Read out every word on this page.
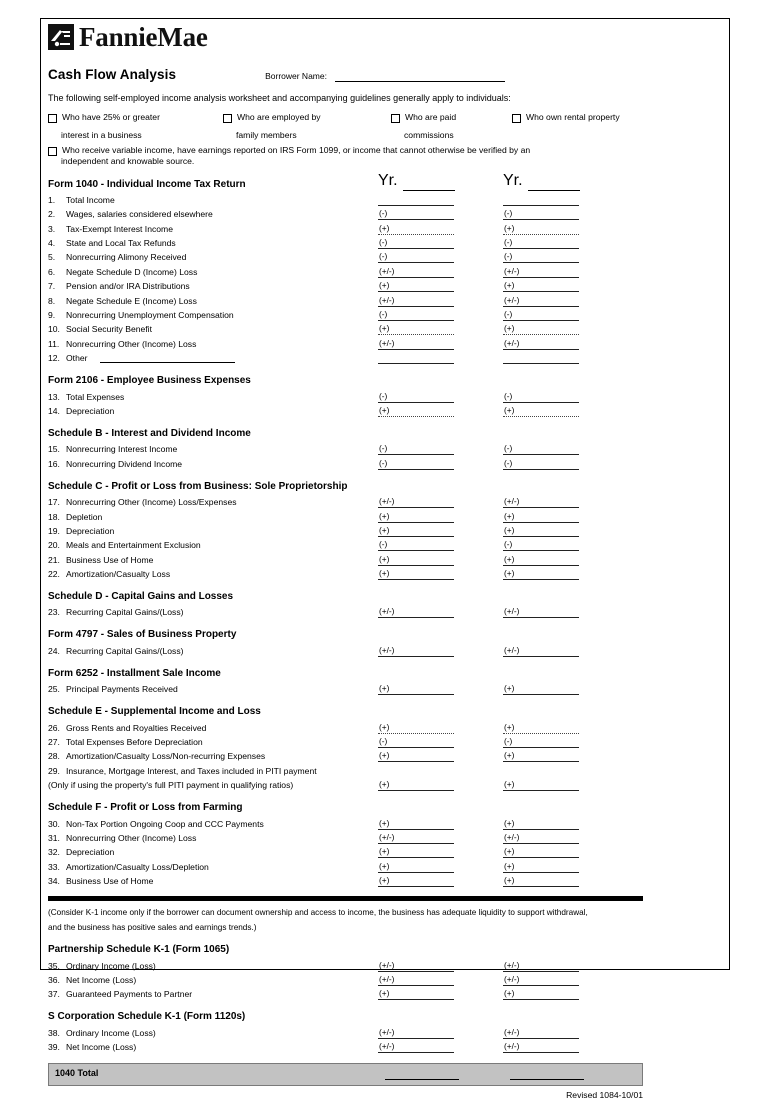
FannieMae
Cash Flow Analysis	Borrower Name:
The following self-employed income analysis worksheet and accompanying guidelines generally apply to individuals:
Who have 25% or greater	Who are employed by	Who are paid	Who own rental property
interest in a business	family members	commissions
Who receive variable income, have earnings reported on IRS Form 1099, or income that cannot otherwise be verified by an
independent and knowable source.
Form 1040 - Individual Income Tax Return	Yr.	Yr.
1. Total Income
2. Wages, salaries considered elsewhere	(-)	(-)
3. Tax-Exempt Interest Income	(+)	(+)
4. State and Local Tax Refunds	(-)	(-)
5. Nonrecurring Alimony Received	(-)	(-)
6. Negate Schedule D (Income) Loss	(+/-)	(+/-)
7. Pension and/or IRA Distributions	(+)	(+)
8. Negate Schedule E (Income) Loss	(+/-)	(+/-)
9. Nonrecurring Unemployment Compensation	(-)	(-)
10. Social Security Benefit	(+)	(+)
11. Nonrecurring Other (Income) Loss	(+/-)	(+/-)
12. Other
Form 2106 - Employee Business Expenses
13. Total Expenses	(-)	(-)
14. Depreciation	(+)	(+)
Schedule B - Interest and Dividend Income
15. Nonrecurring Interest Income	(-)	(-)
16. Nonrecurring Dividend Income	(-)	(-)
Schedule C - Profit or Loss from Business: Sole Proprietorship
17. Nonrecurring Other (Income) Loss/Expenses	(+/-)	(+/-)
18. Depletion	(+)	(+)
19. Depreciation	(+)	(+)
20. Meals and Entertainment Exclusion	(-)	(-)
21. Business Use of Home	(+)	(+)
22. Amortization/Casualty Loss	(+)	(+)
Schedule D - Capital Gains and Losses
23. Recurring Capital Gains/(Loss)	(+/-)	(+/-)
Form 4797 - Sales of Business Property
24. Recurring Capital Gains/(Loss)	(+/-)	(+/-)
Form 6252 - Installment Sale Income
25. Principal Payments Received	(+)	(+)
Schedule E - Supplemental Income and Loss
26. Gross Rents and Royalties Received	(+)	(+)
27. Total Expenses Before Depreciation	(-)	(-)
28. Amortization/Casualty Loss/Non-recurring Expenses	(+)	(+)
29. Insurance, Mortgage Interest, and Taxes included in PITI payment
(Only if using the property's full PITI payment in qualifying ratios)	(+)	(+)
Schedule F - Profit or Loss from Farming
30. Non-Tax Portion Ongoing Coop and CCC Payments	(+)	(+)
31. Nonrecurring Other (Income) Loss	(+/-)	(+/-)
32. Depreciation	(+)	(+)
33. Amortization/Casualty Loss/Depletion	(+)	(+)
34. Business Use of Home	(+)	(+)
(Consider K-1 income only if the borrower can document ownership and access to income, the business has adequate liquidity to support withdrawal,
and the business has positive sales and earnings trends.)
Partnership Schedule K-1 (Form 1065)
35. Ordinary Income (Loss)	(+/-)	(+/-)
36. Net Income (Loss)	(+/-)	(+/-)
37. Guaranteed Payments to Partner	(+)	(+)
S Corporation Schedule K-1 (Form 1120s)
38. Ordinary Income (Loss)	(+/-)	(+/-)
39. Net Income (Loss)	(+/-)	(+/-)
1040 Total
Revised 1084-10/01
